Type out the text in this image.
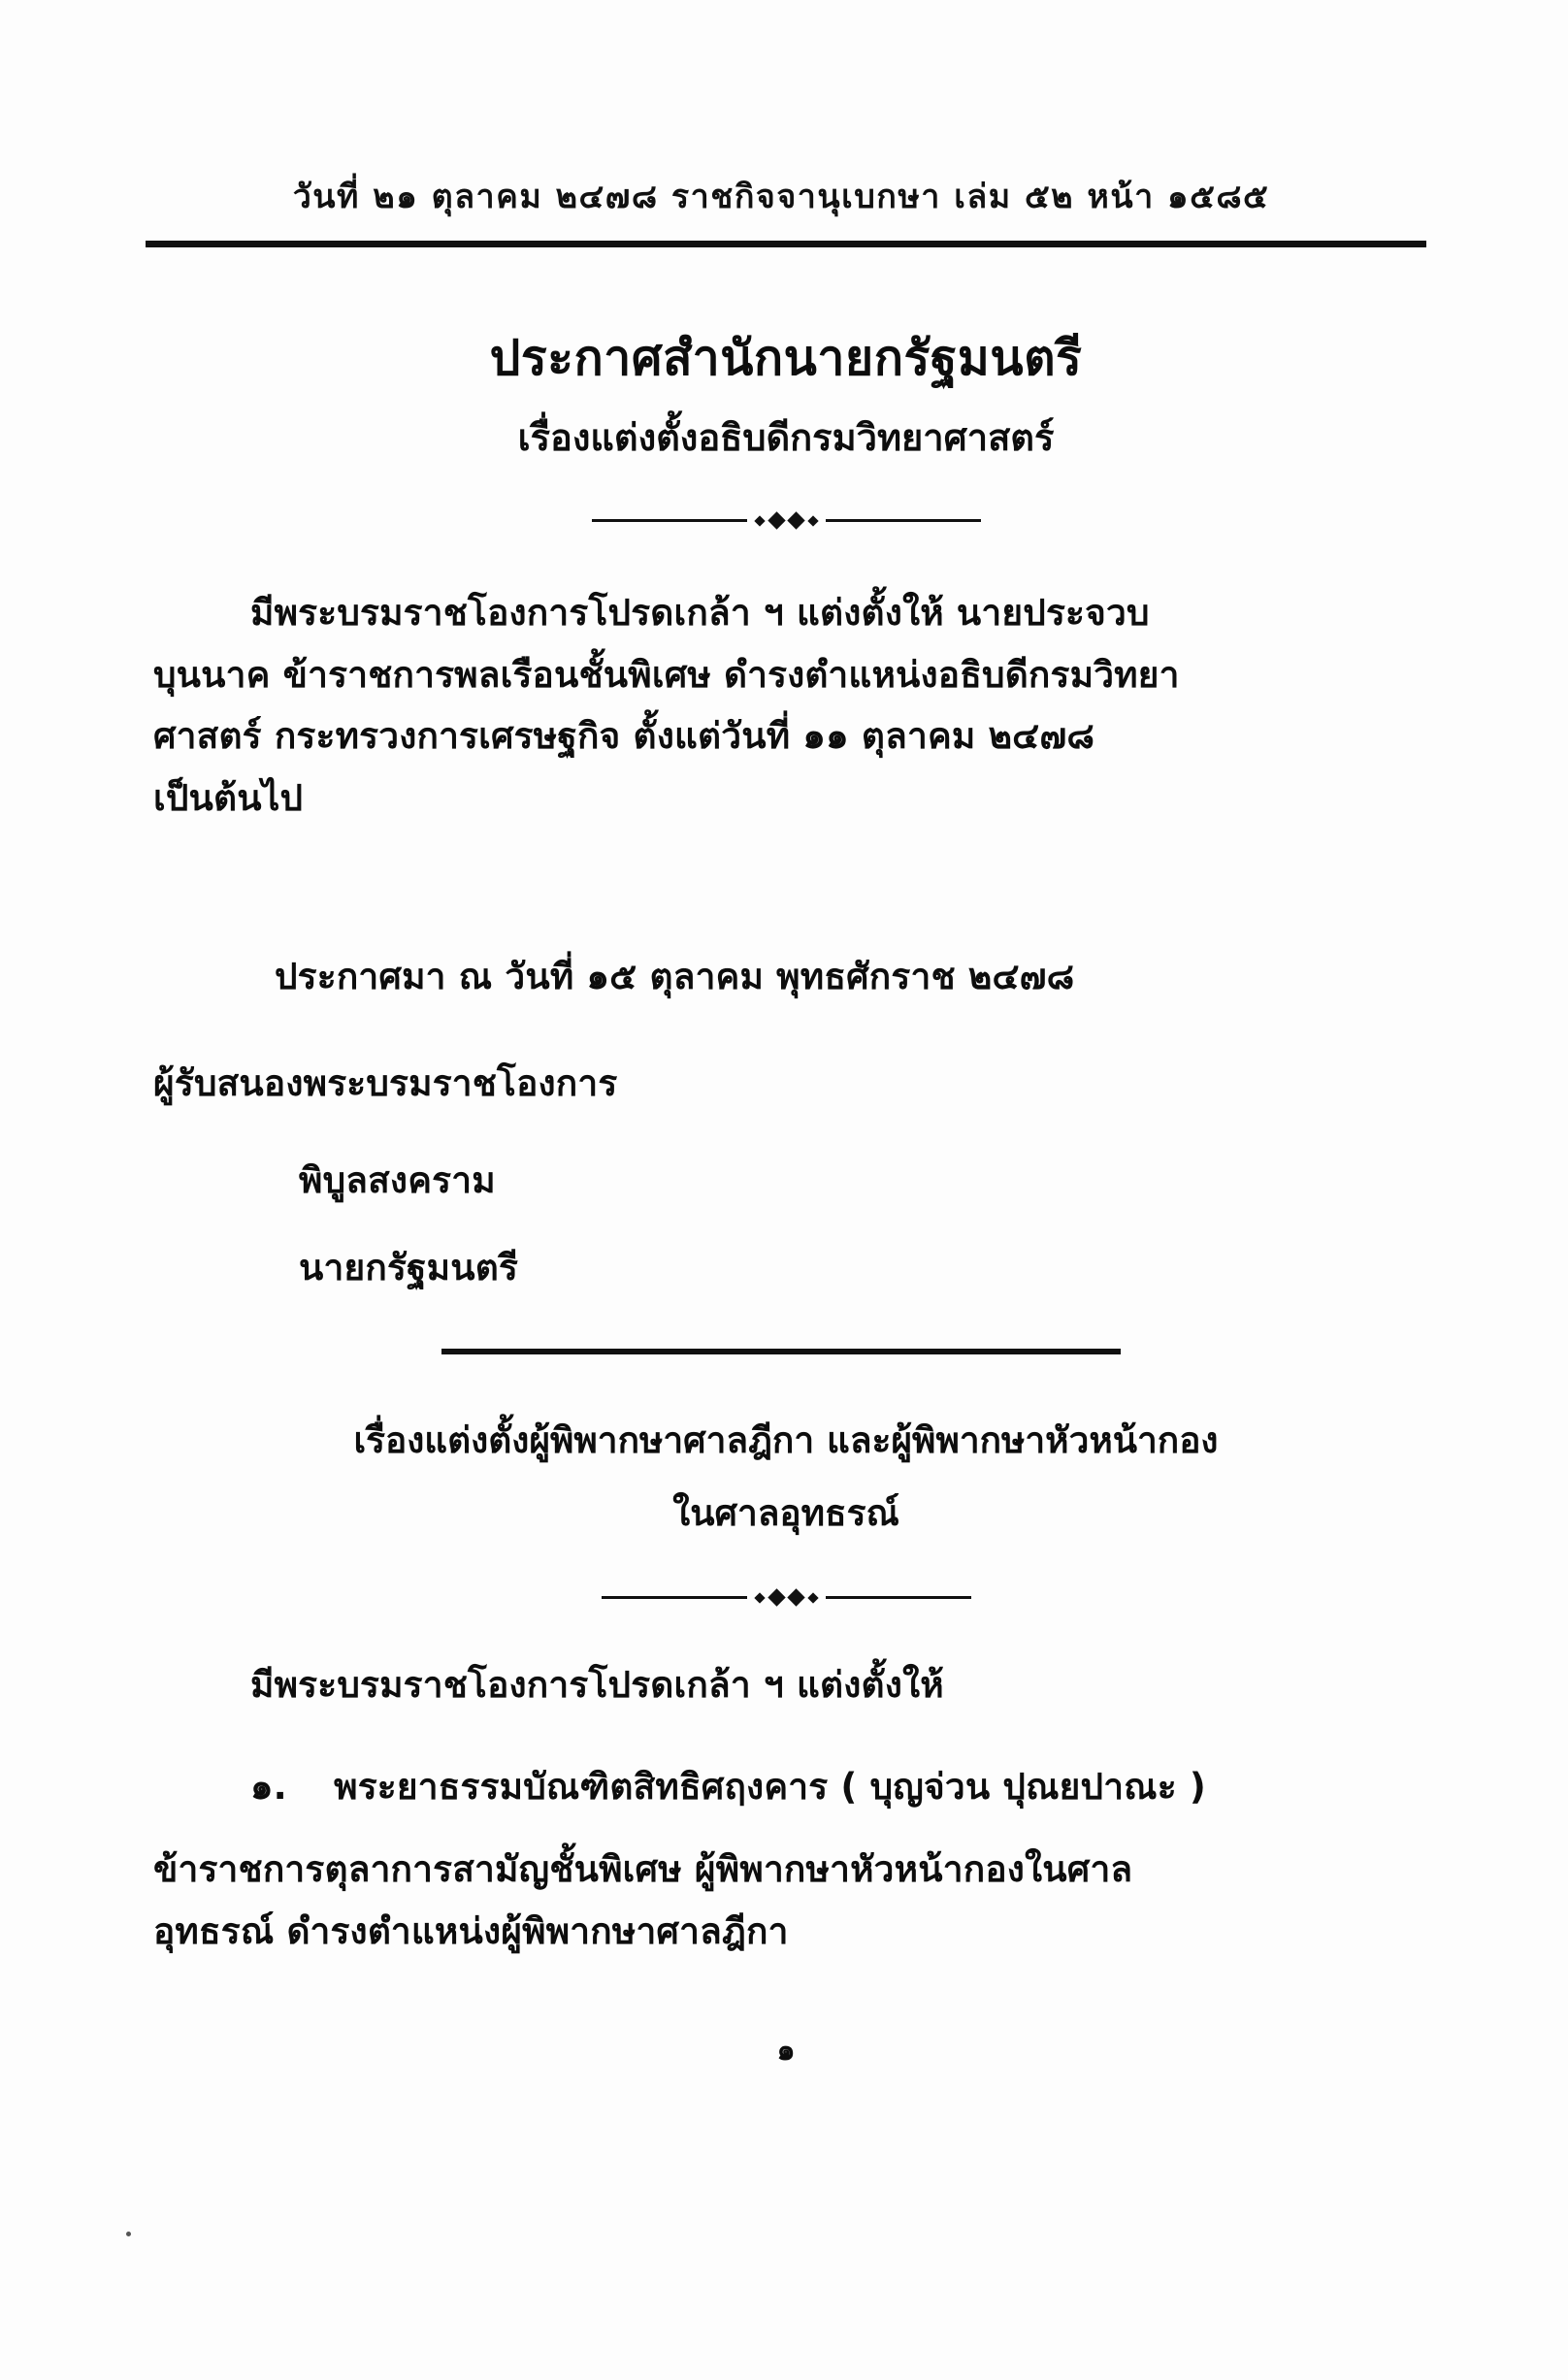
วันที่ ๒๑ ตุลาคม ๒๔๗๘ ราชกิจจานุเบกษา เล่ม ๕๒ หน้า ๑๕๘๕
ประกาศสำนักนายกรัฐมนตรี
เรื่องแต่งตั้งอธิบดีกรมวิทยาศาสตร์
มีพระบรมราชโองการโปรดเกล้า ฯ แต่งตั้งให้ นายประจวบ
บุนนาค ข้าราชการพลเรือนชั้นพิเศษ ดำรงตำแหน่งอธิบดีกรมวิทยา
ศาสตร์ กระทรวงการเศรษฐกิจ ตั้งแต่วันที่ ๑๑ ตุลาคม ๒๔๗๘
เป็นต้นไป
ประกาศมา ณ วันที่ ๑๕ ตุลาคม พุทธศักราช ๒๔๗๘
ผู้รับสนองพระบรมราชโองการ
พิบูลสงคราม
นายกรัฐมนตรี
เรื่องแต่งตั้งผู้พิพากษาศาลฎีกา และผู้พิพากษาหัวหน้ากอง
ในศาลอุทธรณ์
มีพระบรมราชโองการโปรดเกล้า ฯ แต่งตั้งให้
๑. พระยาธรรมบัณฑิตสิทธิศฤงคาร ( บุญจ่วน ปุณยปาณะ )
ข้าราชการตุลาการสามัญชั้นพิเศษ ผู้พิพากษาหัวหน้ากองในศาล
อุทธรณ์ ดำรงตำแหน่งผู้พิพากษาศาลฎีกา
๑
